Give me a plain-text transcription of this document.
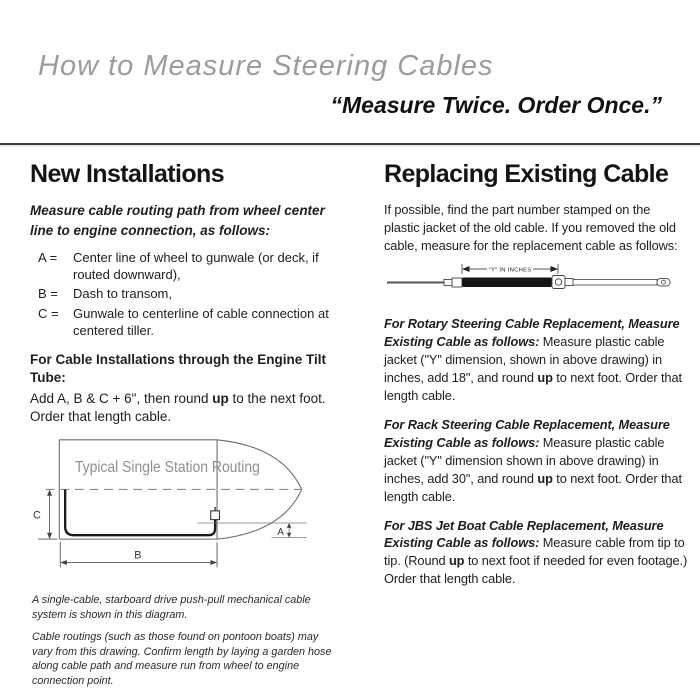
How to Measure Steering Cables
“Measure Twice. Order Once.”
New Installations

Measure cable routing path from wheel center line to engine connection, as follows:

A =	Center line of wheel to gunwale (or deck, if routed downward),
B =	Dash to transom,
C =	Gunwale to centerline of cable connection at centered tiller.

For Cable Installations through the Engine Tilt Tube:

Add A, B & C + 6", then round up to the next foot. Order that length cable.

C
B
A
Typical Single Station Routing

A single-cable, starboard drive push-pull mechanical cable system is shown in this diagram.

Cable routings (such as those found on pontoon boats) may vary from this drawing. Confirm length by laying a garden hose along cable path and measure run from wheel to engine connection point.

Replacing Existing Cable

If possible, find the part number stamped on the plastic jacket of the old cable. If you removed the old cable, measure for the replacement cable as follows:

"Y" IN INCHES

For Rotary Steering Cable Replacement, Measure Existing Cable as follows: Measure plastic cable jacket ("Y" dimension, shown in above drawing) in inches, add 18", and round up to next foot. Order that length cable.

For Rack Steering Cable Replacement, Measure Existing Cable as follows: Measure plastic cable jacket ("Y" dimension shown in above drawing) in inches, add 30", and round up to next foot. Order that length cable.

For JBS Jet Boat Cable Replacement, Measure Existing Cable as follows: Measure cable from tip to tip. (Round up to next foot if needed for even footage.) Order that length cable.
